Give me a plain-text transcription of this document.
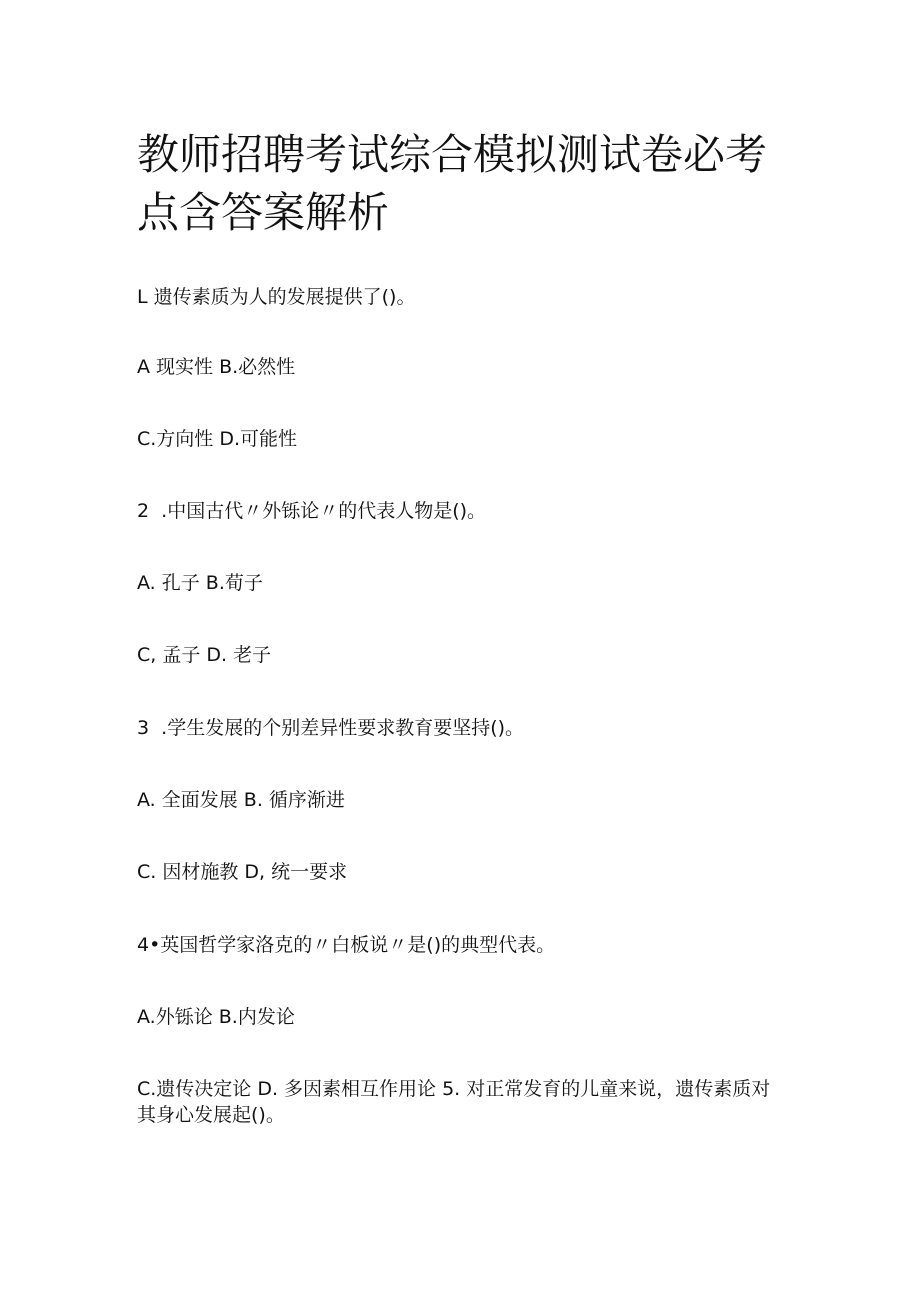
教师招聘考试综合模拟测试卷必考点含答案解析
L 遗传素质为人的发展提供了()。
A 现实性 B.必然性
C.方向性 D.可能性
2  .中国古代〃外铄论〃的代表人物是()。
A. 孔子 B.荀子
C, 孟子 D. 老子
3  .学生发展的个别差异性要求教育要坚持()。
A. 全面发展 B. 循序渐进
C. 因材施教 D, 统一要求
4•英国哲学家洛克的〃白板说〃是()的典型代表。
A.外铄论 B.内发论
C.遗传决定论 D. 多因素相互作用论 5. 对正常发育的儿童来说，遗传素质对其身心发展起()。
